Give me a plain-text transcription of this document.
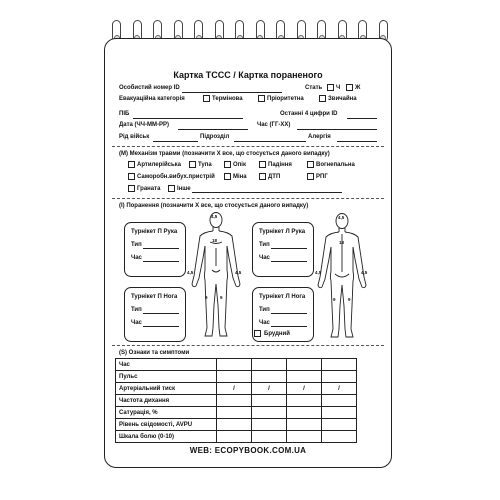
Картка ТССС / Картка пораненого
Особистий номер ID	Стать Ч Ж
Евакуаційна категорія	Термінова	Пріоритетна	Звичайна
ПІБ	Останні 4 цифри ID
Дата (ЧЧ-ММ-РР)	Час (ГГ-ХХ)
Рід військ	Підрозділ	Алергія
(М) Механізм травми (позначити X все, що стосується даного випадку)
Артилерійська	Тупа	Опік	Падіння	Вогнепальна
Саморобн.вибух.пристрій	Міна	ДТП	РПГ
Граната	Інше
(I) Поранення (позначити X все, що стосується даного випадку)
Турнікет П Рука
Тип
Час
Турнікет Л Рука
Тип
Час
Турнікет П Нога
Тип
Час
Турнікет Л Нога
Тип
Час
4,5
18
4,5	4,5
9	9
4,5
18
4,5	4,5
9	9
Брудний
(S) Ознаки та симптоми
Час				
Пульс				
Артеріальний тиск	/	/	/	/
Частота дихання				
Сатурація, %				
Рівень свідомості, AVPU				
Шкала болю (0-10)				
WEB: ECOPYBOOK.COM.UA
